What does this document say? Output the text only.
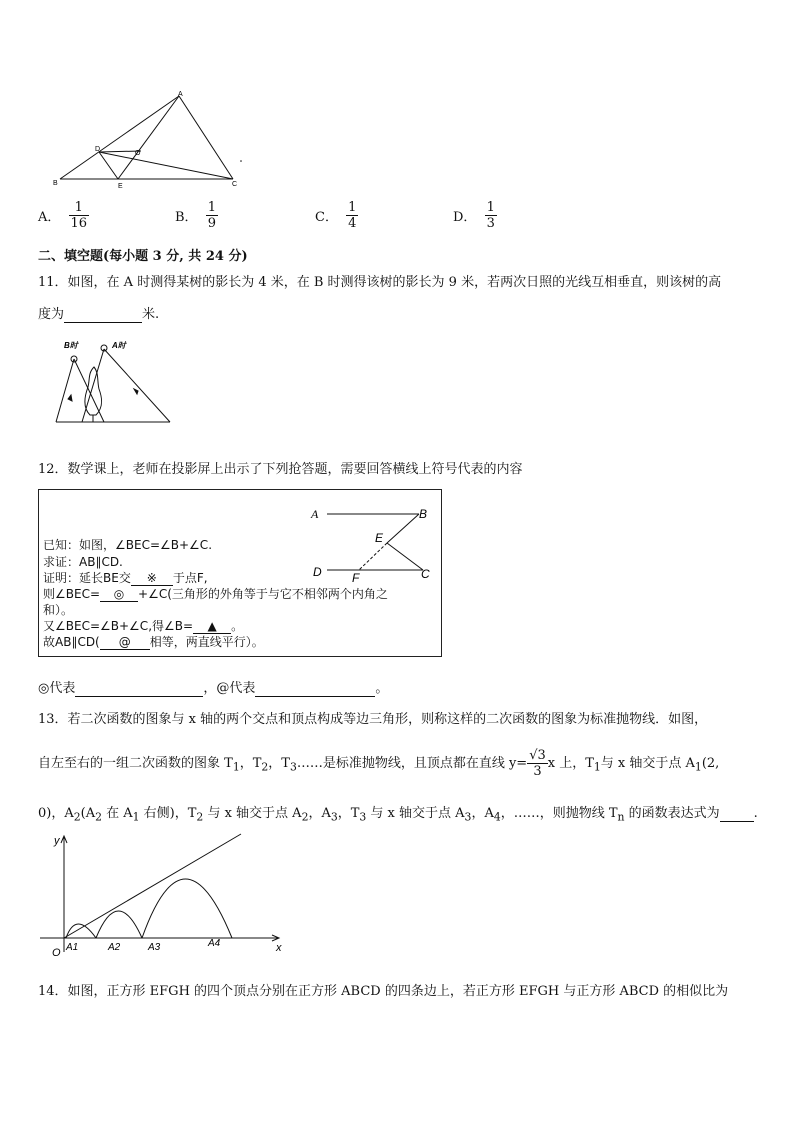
A
B	C
D
E
O
A． $\frac{1}{16}$	B． $\frac{1}{9}$	C． $\frac{1}{4}$	D． $\frac{1}{3}$
二、填空题(每小题 3 分, 共 24 分)
11．如图，在 A 时测得某树的影长为 4 米，在 B 时测得该树的影长为 9 米，若两次日照的光线互相垂直，则该树的高
度为	米.
B时	A时
12．数学课上，老师在投影屏上出示了下列抢答题，需要回答横线上符号代表的内容
已知：如图，∠BEC=∠B+∠C.
求证：AB∥CD.
证明：延长BE交 ※ 于点F,
则∠BEC= ◎ +∠C(三角形的外角等于与它不相邻两个内角之
和）。
又∠BEC=∠B+∠C,得∠B= ▲ 。
故AB∥CD( @ 相等，两直线平行）。
A	B
E
D	F	C
◎代表	，@代表	。
13．若二次函数的图象与 x 轴的两个交点和顶点构成等边三角形，则称这样的二次函数的图象为标准抛物线．如图，
自左至右的一组二次函数的图象 $T_1$，$T_2$，$T_3\dots\dots$是标准抛物线，且顶点都在直线 $y= \frac{√3}{3}$ x 上，$T_1$与 x 轴交于点 $A_1(2$,
0)，$A_2(A_2$ 在 $A_1$ 右侧)，$T_2$ 与 x 轴交于点 $A_2$，$A_3$，$T_3$ 与 x 轴交于点 $A_3$，$A_4$，……，则抛物线 $T_n$ 的函数表达式为	.
y
x
O A1	A2	A3	A4
14．如图，正方形 EFGH 的四个顶点分别在正方形 ABCD 的四条边上，若正方形 EFGH 与正方形 ABCD 的相似比为
